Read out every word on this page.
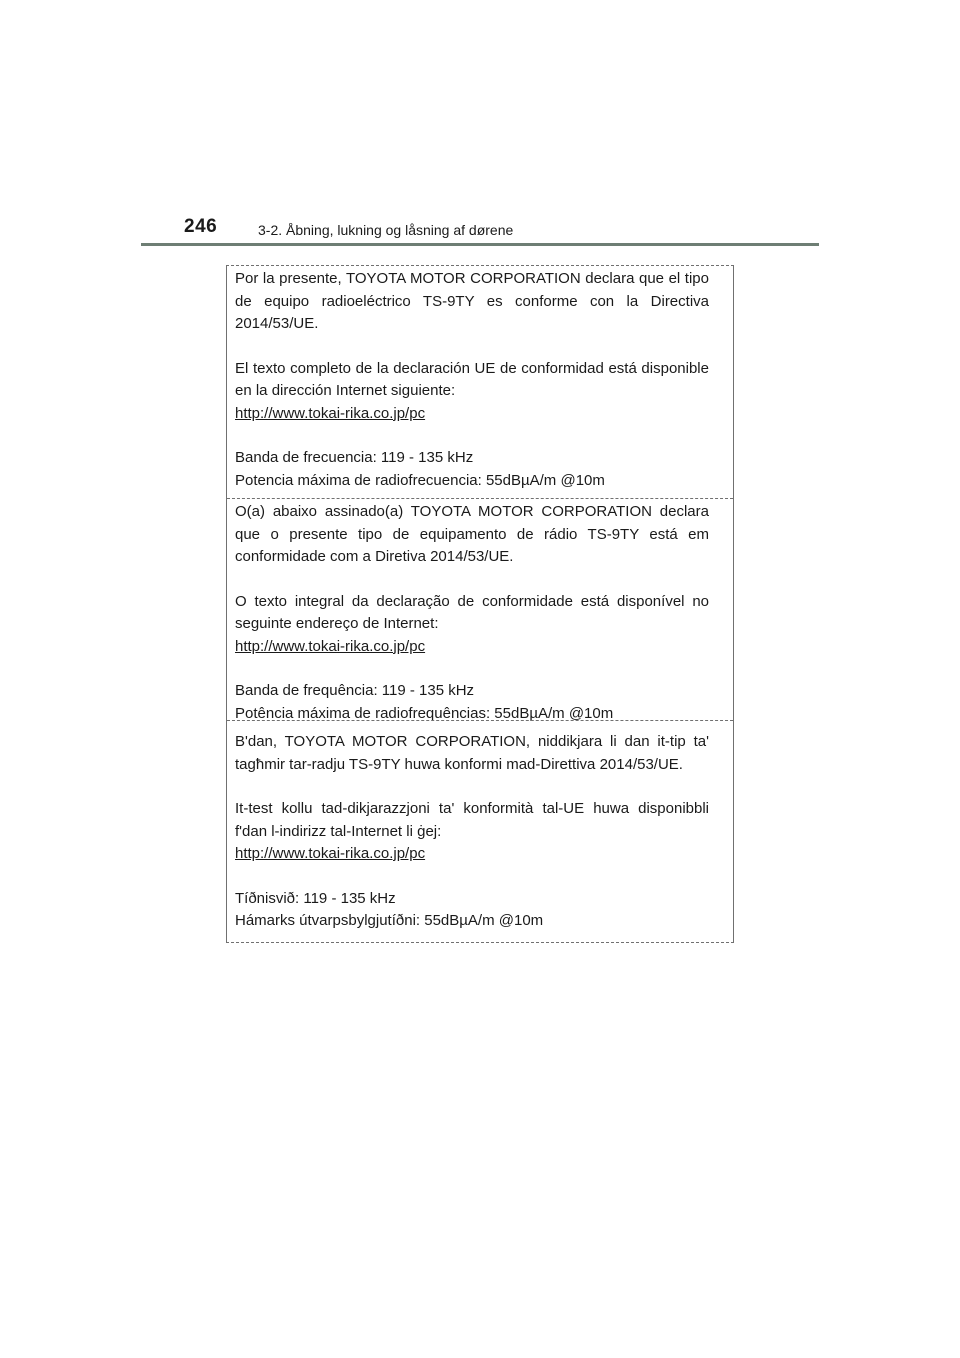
246	3-2. Åbning, lukning og låsning af dørene

Por la presente, TOYOTA MOTOR CORPORATION declara que el tipo de equipo radioeléctrico TS-9TY es conforme con la Directiva 2014/53/UE.

El texto completo de la declaración UE de conformidad está disponible en la dirección Internet siguiente:
http://www.tokai-rika.co.jp/pc

Banda de frecuencia: 119 - 135 kHz
Potencia máxima de radiofrecuencia: 55dBµA/m @10m

O(a) abaixo assinado(a) TOYOTA MOTOR CORPORATION declara que o presente tipo de equipamento de rádio TS-9TY está em conformidade com a Diretiva 2014/53/UE.

O texto integral da declaração de conformidade está disponível no seguinte endereço de Internet:
http://www.tokai-rika.co.jp/pc

Banda de frequência: 119 - 135 kHz
Potência máxima de radiofrequências: 55dBµA/m @10m

B'dan, TOYOTA MOTOR CORPORATION, niddikjara li dan it-tip ta' tagħmir tar-radju TS-9TY huwa konformi mad-Direttiva 2014/53/UE.

It-test kollu tad-dikjarazzjoni ta' konformità tal-UE huwa disponibbli f'dan l-indirizz tal-Internet li ġej:
http://www.tokai-rika.co.jp/pc

Tíðnisvið: 119 - 135 kHz
Hámarks útvarpsbylgjutíðni: 55dBµA/m @10m
